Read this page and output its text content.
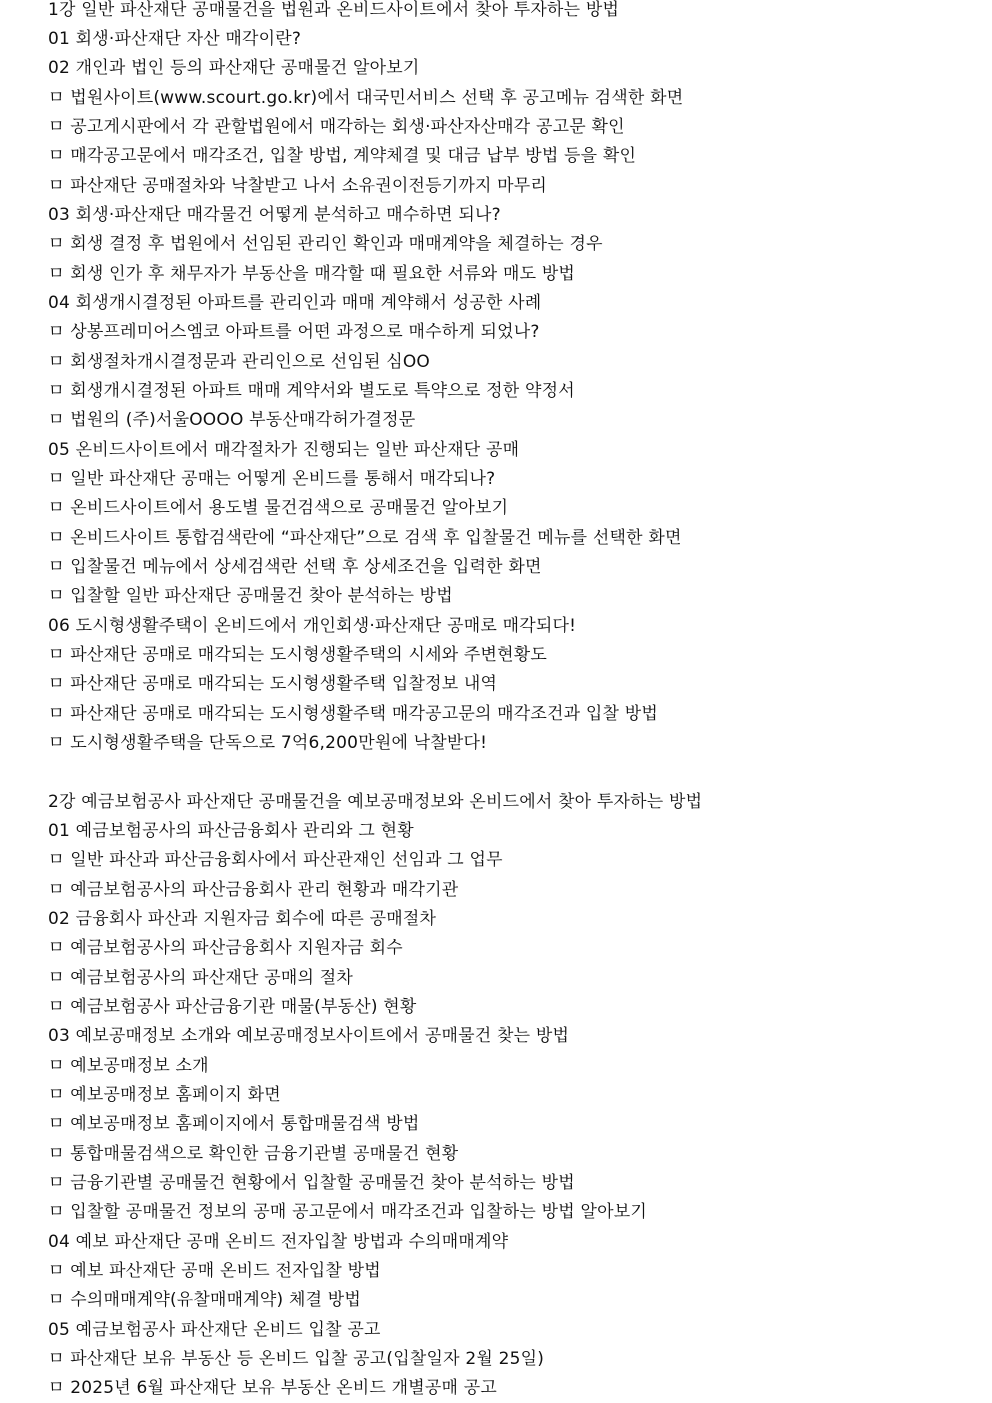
1강 일반 파산재단 공매물건을 법원과 온비드사이트에서 찾아 투자하는 방법
01 회생·파산재단 자산 매각이란?
02 개인과 법인 등의 파산재단 공매물건 알아보기
ㅁ 법원사이트(www.scourt.go.kr)에서 대국민서비스 선택 후 공고메뉴 검색한 화면
ㅁ 공고게시판에서 각 관할법원에서 매각하는 회생·파산자산매각 공고문 확인
ㅁ 매각공고문에서 매각조건, 입찰 방법, 계약체결 및 대금 납부 방법 등을 확인
ㅁ 파산재단 공매절차와 낙찰받고 나서 소유권이전등기까지 마무리
03 회생·파산재단 매각물건 어떻게 분석하고 매수하면 되나?
ㅁ 회생 결정 후 법원에서 선임된 관리인 확인과 매매계약을 체결하는 경우
ㅁ 회생 인가 후 채무자가 부동산을 매각할 때 필요한 서류와 매도 방법
04 회생개시결정된 아파트를 관리인과 매매 계약해서 성공한 사례
ㅁ 상봉프레미어스엠코 아파트를 어떤 과정으로 매수하게 되었나?
ㅁ 회생절차개시결정문과 관리인으로 선임된 심OO
ㅁ 회생개시결정된 아파트 매매 계약서와 별도로 특약으로 정한 약정서
ㅁ 법원의 (주)서울OOOO 부동산매각허가결정문
05 온비드사이트에서 매각절차가 진행되는 일반 파산재단 공매
ㅁ 일반 파산재단 공매는 어떻게 온비드를 통해서 매각되나?
ㅁ 온비드사이트에서 용도별 물건검색으로 공매물건 알아보기
ㅁ 온비드사이트 통합검색란에 “파산재단”으로 검색 후 입찰물건 메뉴를 선택한 화면
ㅁ 입찰물건 메뉴에서 상세검색란 선택 후 상세조건을 입력한 화면
ㅁ 입찰할 일반 파산재단 공매물건 찾아 분석하는 방법
06 도시형생활주택이 온비드에서 개인회생·파산재단 공매로 매각되다!
ㅁ 파산재단 공매로 매각되는 도시형생활주택의 시세와 주변현황도
ㅁ 파산재단 공매로 매각되는 도시형생활주택 입찰정보 내역
ㅁ 파산재단 공매로 매각되는 도시형생활주택 매각공고문의 매각조건과 입찰 방법
ㅁ 도시형생활주택을 단독으로 7억6,200만원에 낙찰받다!
2강 예금보험공사 파산재단 공매물건을 예보공매정보와 온비드에서 찾아 투자하는 방법
01 예금보험공사의 파산금융회사 관리와 그 현황
ㅁ 일반 파산과 파산금융회사에서 파산관재인 선임과 그 업무
ㅁ 예금보험공사의 파산금융회사 관리 현황과 매각기관
02 금융회사 파산과 지원자금 회수에 따른 공매절차
ㅁ 예금보험공사의 파산금융회사 지원자금 회수
ㅁ 예금보험공사의 파산재단 공매의 절차
ㅁ 예금보험공사 파산금융기관 매물(부동산) 현황
03 예보공매정보 소개와 예보공매정보사이트에서 공매물건 찾는 방법
ㅁ 예보공매정보 소개
ㅁ 예보공매정보 홈페이지 화면
ㅁ 예보공매정보 홈페이지에서 통합매물검색 방법
ㅁ 통합매물검색으로 확인한 금융기관별 공매물건 현황
ㅁ 금융기관별 공매물건 현황에서 입찰할 공매물건 찾아 분석하는 방법
ㅁ 입찰할 공매물건 정보의 공매 공고문에서 매각조건과 입찰하는 방법 알아보기
04 예보 파산재단 공매 온비드 전자입찰 방법과 수의매매계약
ㅁ 예보 파산재단 공매 온비드 전자입찰 방법
ㅁ 수의매매계약(유찰매매계약) 체결 방법
05 예금보험공사 파산재단 온비드 입찰 공고
ㅁ 파산재단 보유 부동산 등 온비드 입찰 공고(입찰일자 2월 25일)
ㅁ 2025년 6월 파산재단 보유 부동산 온비드 개별공매 공고
